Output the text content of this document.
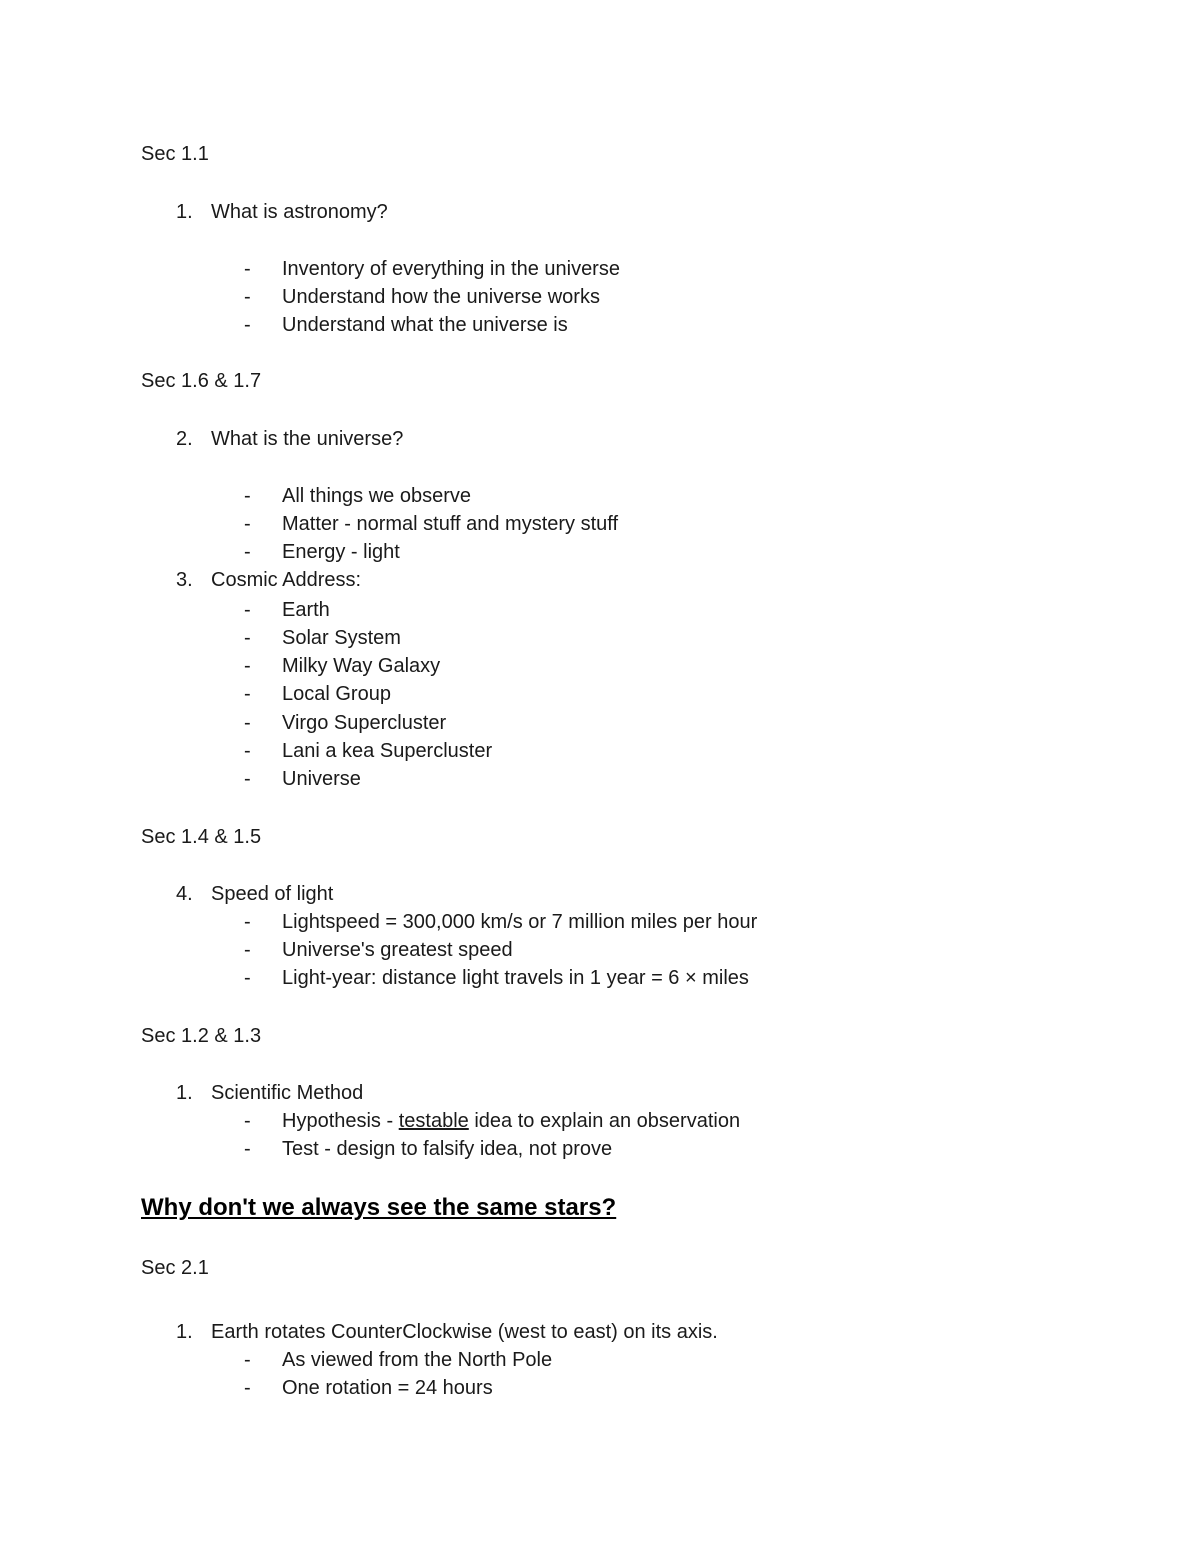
Sec 1.1
1. What is astronomy?
- Inventory of everything in the universe
- Understand how the universe works
- Understand what the universe is
Sec 1.6 & 1.7
2. What is the universe?
- All things we observe
- Matter - normal stuff and mystery stuff
- Energy - light
3. Cosmic Address:
- Earth
- Solar System
- Milky Way Galaxy
- Local Group
- Virgo Supercluster
- Lani a kea Supercluster
- Universe
Sec 1.4 & 1.5
4. Speed of light
- Lightspeed = 300,000 km/s or 7 million miles per hour
- Universe's greatest speed
- Light-year: distance light travels in 1 year = 6 × miles
Sec 1.2 & 1.3
1. Scientific Method
- Hypothesis - testable idea to explain an observation
- Test - design to falsify idea, not prove
Why don't we always see the same stars?
Sec 2.1
1. Earth rotates CounterClockwise (west to east) on its axis.
- As viewed from the North Pole
- One rotation = 24 hours
